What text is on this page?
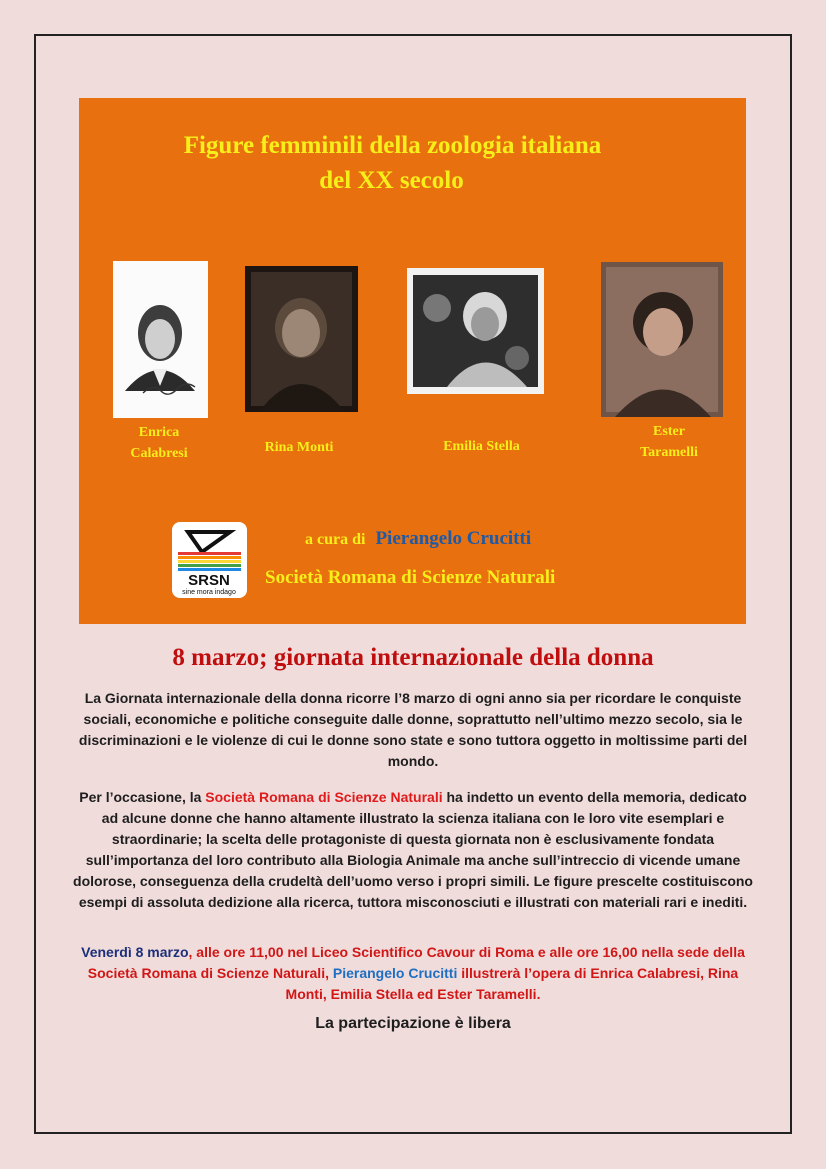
Figure femminili della zoologia italiana
del XX secolo
Enrica
Calabresi	Rina Monti	Emilia Stella
Ester
Taramelli
SRSN
sine mora indago
a cura di Pierangelo Crucitti
Società Romana di Scienze Naturali
8 marzo; giornata internazionale della donna
La Giornata internazionale della donna ricorre l’8 marzo di ogni anno sia per ricordare le conquiste sociali, economiche e politiche conseguite dalle donne, soprattutto nell’ultimo mezzo secolo, sia le discriminazioni e le violenze di cui le donne sono state e sono tuttora oggetto in moltissime parti del mondo.
Per l’occasione, la Società Romana di Scienze Naturali ha indetto un evento della memoria, dedicato ad alcune donne che hanno altamente illustrato la scienza italiana con le loro vite esemplari e straordinarie; la scelta delle protagoniste di questa giornata non è esclusivamente fondata sull’importanza del loro contributo alla Biologia Animale ma anche sull’intreccio di vicende umane dolorose, conseguenza della crudeltà dell’uomo verso i propri simili. Le figure prescelte costituiscono esempi di assoluta dedizione alla ricerca, tuttora misconosciuti e illustrati con materiali rari e inediti.
Venerdì 8 marzo, alle ore 11,00 nel Liceo Scientifico Cavour di Roma e alle ore 16,00 nella sede della Società Romana di Scienze Naturali, Pierangelo Crucitti illustrerà l’opera di Enrica Calabresi, Rina Monti, Emilia Stella ed Ester Taramelli.
La partecipazione è libera
